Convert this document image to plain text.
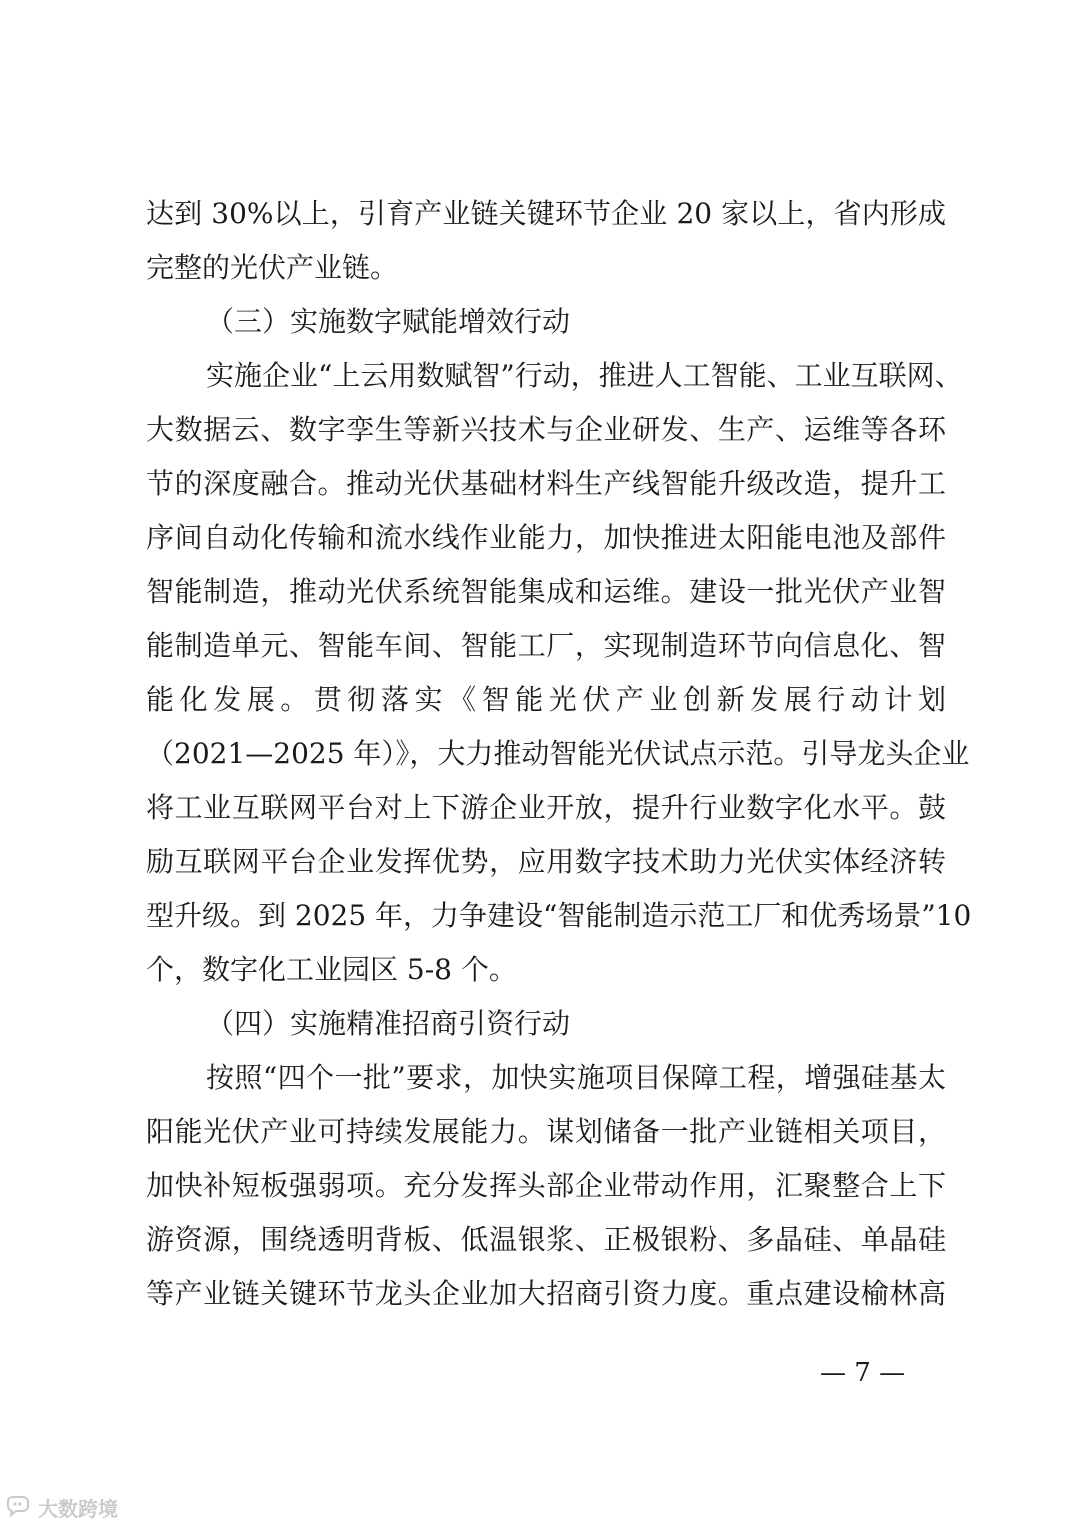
达到 30%以上，引育产业链关键环节企业 20 家以上，省内形成
完整的光伏产业链。
（三）实施数字赋能增效行动
实施企业“上云用数赋智”行动，推进人工智能、工业互联网、
大数据云、数字孪生等新兴技术与企业研发、生产、运维等各环
节的深度融合。推动光伏基础材料生产线智能升级改造，提升工
序间自动化传输和流水线作业能力，加快推进太阳能电池及部件
智能制造，推动光伏系统智能集成和运维。建设一批光伏产业智
能制造单元、智能车间、智能工厂，实现制造环节向信息化、智
能化发展。贯彻落实《智能光伏产业创新发展行动计划
（2021—2025 年）》，大力推动智能光伏试点示范。引导龙头企业
将工业互联网平台对上下游企业开放，提升行业数字化水平。鼓
励互联网平台企业发挥优势，应用数字技术助力光伏实体经济转
型升级。到 2025 年，力争建设“智能制造示范工厂和优秀场景”10
个，数字化工业园区 5-8 个。
（四）实施精准招商引资行动
按照“四个一批”要求，加快实施项目保障工程，增强硅基太
阳能光伏产业可持续发展能力。谋划储备一批产业链相关项目，
加快补短板强弱项。充分发挥头部企业带动作用，汇聚整合上下
游资源，围绕透明背板、低温银浆、正极银粉、多晶硅、单晶硅
等产业链关键环节龙头企业加大招商引资力度。重点建设榆林高
— 7 —
大数跨境
